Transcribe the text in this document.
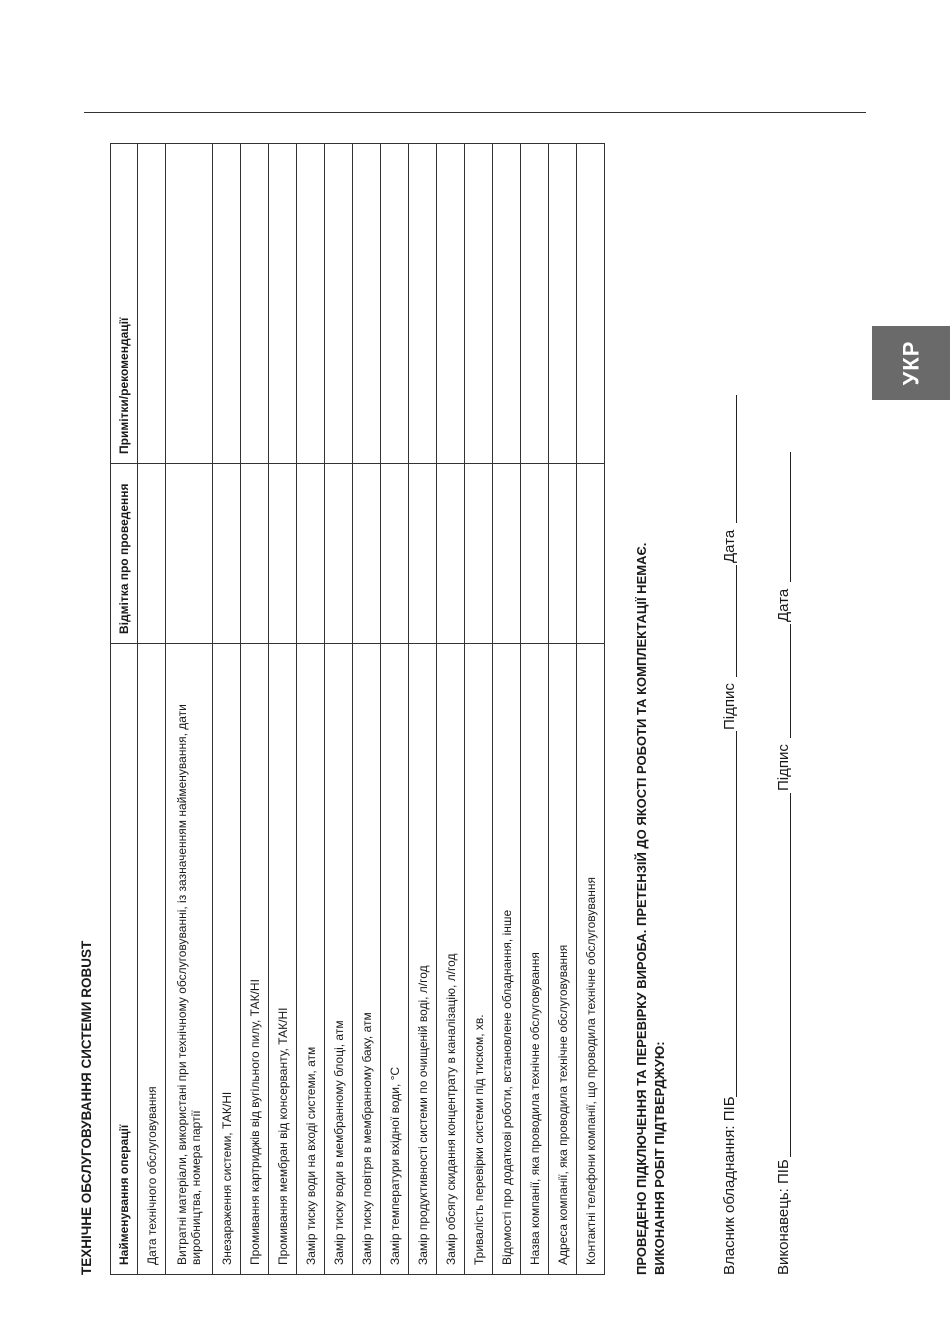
УКР
ТЕХНІЧНЕ ОБСЛУГОВУВАННЯ СИСТЕМИ ROBUST Найменування операції	Відмітка про проведення	Примітки/рекомендації
Дата технічного обслуговування		
Витратні матеріали, використані при технічному обслуговуванні, із зазначенням найменування, дати виробництва, номера партії		
Знезараження системи, ТАК/НІ		
Промивання картриджів від вугільного пилу, ТАК/НІ		
Промивання мембран від консерванту, ТАК/НІ		
Замір тиску води на вході системи, атм		
Замір тиску води в мембранному блоці, атм		
Замір тиску повітря в мембранному баку, атм		
Замір температури вхідної води, °С		
Замір продуктивності системи по очищеній воді, л/год		
Замір обсягу скидання концентрату в каналізацію, л/год		
Тривалість перевірки системи під тиском, хв.		
Відомості про додаткові роботи, встановлене обладнання, інше		
Назва компанії, яка проводила технічне обслуговування		
Адреса компанії, яка проводила технічне обслуговування		
Контактні телефони компанії, що проводила технічне обслуговування			ПРОВЕДЕНО ПІДКЛЮЧЕННЯ ТА ПЕРЕВІРКУ ВИРОБА. ПРЕТЕНЗІЙ ДО ЯКОСТІ РОБОТИ ТА КОМПЛЕКТАЦІЇ НЕМАЄ. ВИКОНАННЯ РОБІТ ПІДТВЕРДЖУЮ:	Власник обладнання: ПІБ
Підпис
Дата
Виконавець: ПІБ
Підпис
Дата
